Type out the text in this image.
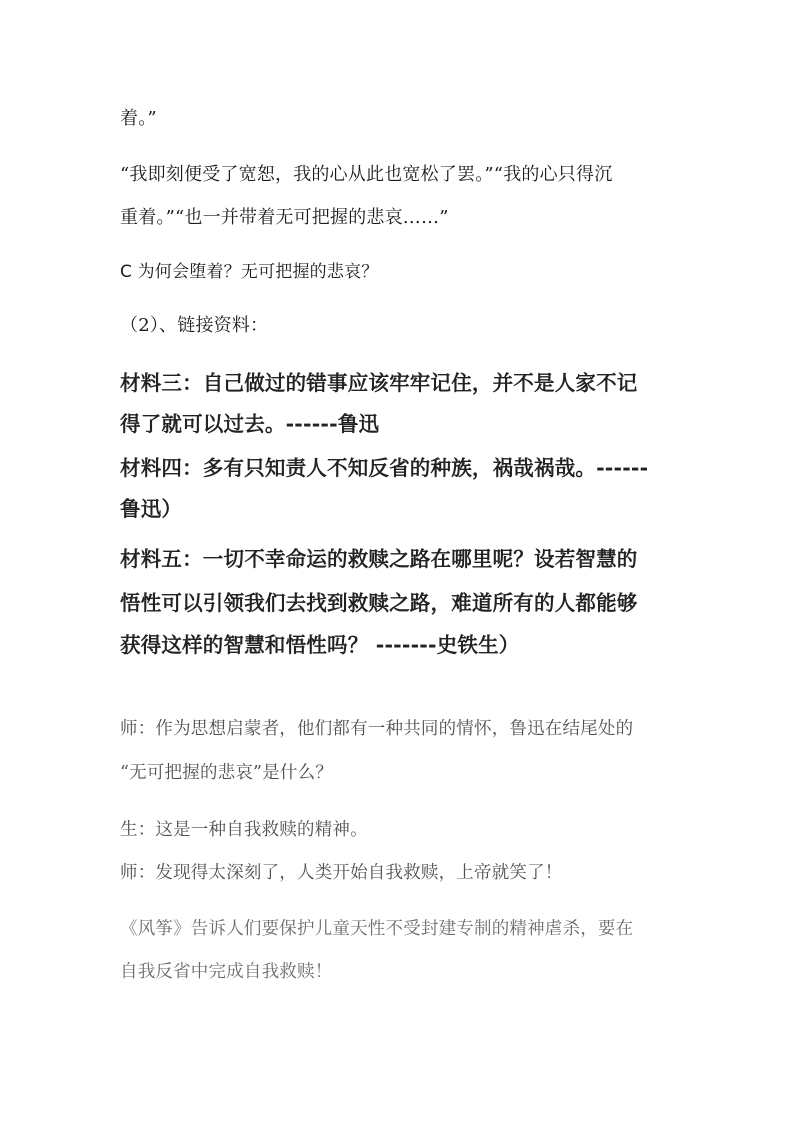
着。”
“我即刻便受了宽恕，我的心从此也宽松了罢。”“我的心只得沉
重着。”“也一并带着无可把握的悲哀……”
C 为何会堕着？无可把握的悲哀？
（2）、链接资料：
材料三：自己做过的错事应该牢牢记住，并不是人家不记
得了就可以过去。------鲁迅
材料四：多有只知责人不知反省的种族，祸哉祸哉。------
鲁迅）
材料五：一切不幸命运的救赎之路在哪里呢？设若智慧的
悟性可以引领我们去找到救赎之路，难道所有的人都能够
获得这样的智慧和悟性吗？ -------史铁生）
师：作为思想启蒙者，他们都有一种共同的情怀，鲁迅在结尾处的
“无可把握的悲哀”是什么？
生：这是一种自我救赎的精神。
师：发现得太深刻了，人类开始自我救赎，上帝就笑了！
《风筝》告诉人们要保护儿童天性不受封建专制的精神虐杀，要在
自我反省中完成自我救赎！
